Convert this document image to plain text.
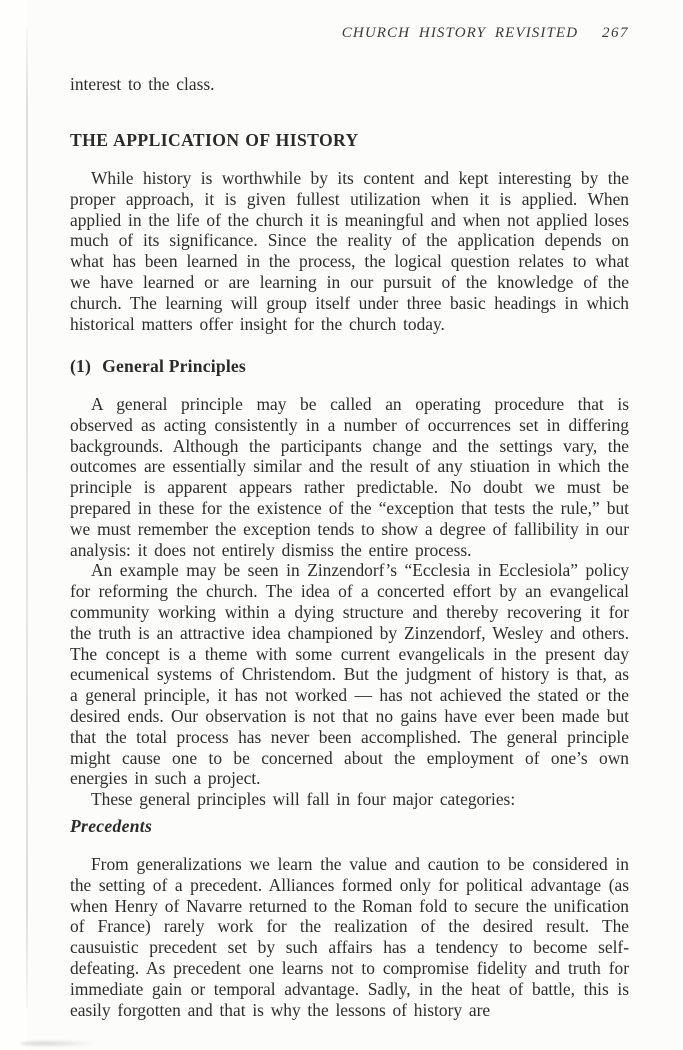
CHURCH HISTORY REVISITED 267

interest to the class.

THE APPLICATION OF HISTORY

While history is worthwhile by its content and kept interesting by the proper approach, it is given fullest utilization when it is applied. When applied in the life of the church it is meaningful and when not applied loses much of its significance. Since the reality of the application depends on what has been learned in the process, the logical question relates to what we have learned or are learning in our pursuit of the knowledge of the church. The learning will group itself under three basic headings in which historical matters offer insight for the church today.

(1) General Principles

A general principle may be called an operating procedure that is observed as acting consistently in a number of occurrences set in differing backgrounds. Although the participants change and the settings vary, the outcomes are essentially similar and the result of any stiuation in which the principle is apparent appears rather predictable. No doubt we must be prepared in these for the existence of the “exception that tests the rule,” but we must remember the exception tends to show a degree of fallibility in our analysis: it does not entirely dismiss the entire process.

An example may be seen in Zinzendorf’s “Ecclesia in Ecclesiola” policy for reforming the church. The idea of a concerted effort by an evangelical community working within a dying structure and thereby recovering it for the truth is an attractive idea championed by Zinzendorf, Wesley and others. The concept is a theme with some current evangelicals in the present day ecumenical systems of Christendom. But the judgment of history is that, as a general principle, it has not worked — has not achieved the stated or the desired ends. Our observation is not that no gains have ever been made but that the total process has never been accomplished. The general principle might cause one to be concerned about the employment of one’s own energies in such a project.

These general principles will fall in four major categories:

Precedents

From generalizations we learn the value and caution to be considered in the setting of a precedent. Alliances formed only for political advantage (as when Henry of Navarre returned to the Roman fold to secure the unification of France) rarely work for the realization of the desired result. The causuistic precedent set by such affairs has a tendency to become self-defeating. As precedent one learns not to compromise fidelity and truth for immediate gain or temporal advantage. Sadly, in the heat of battle, this is easily forgotten and that is why the lessons of history are
